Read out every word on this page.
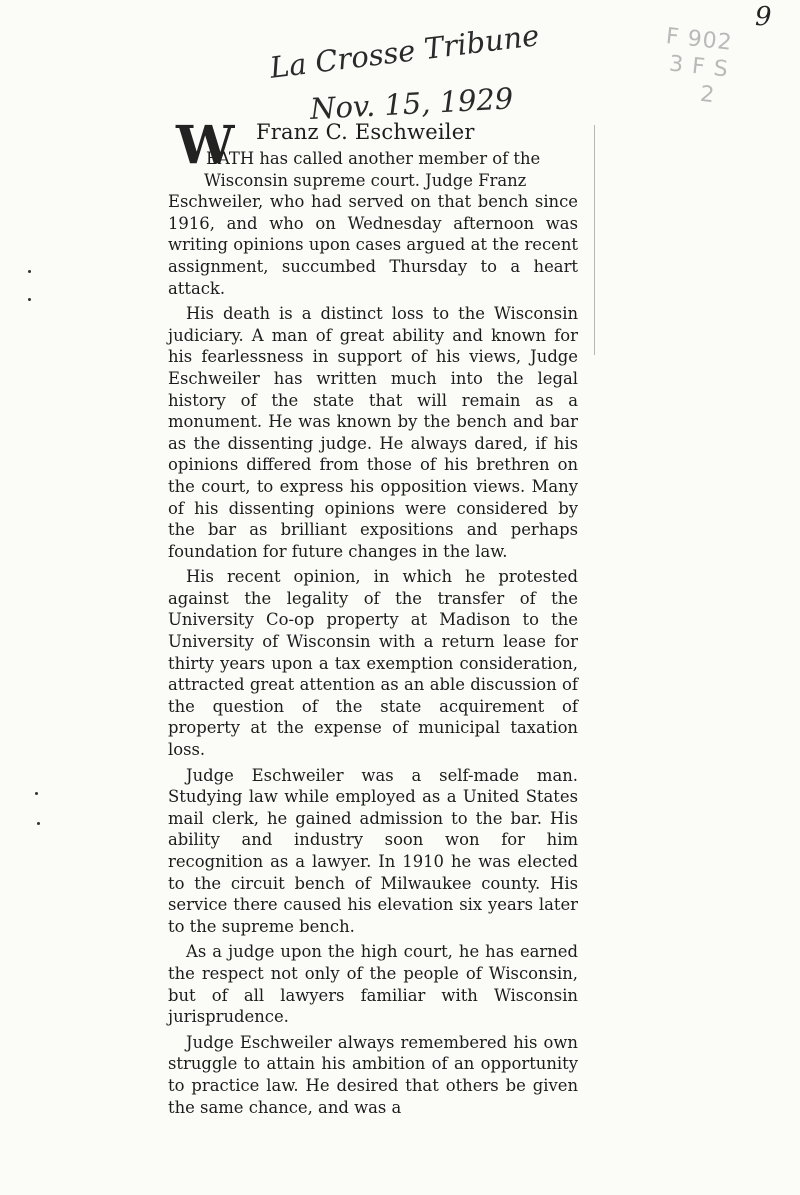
9
F 902
3 F S
2
La Crosse Tribune
Nov. 15, 1929
Franz C. Eschweiler
W
EATH has called another member of the
Wisconsin supreme court. Judge Franz

Eschweiler, who had served on that bench since 1916, and who on Wednesday afternoon was writing opinions upon cases argued at the recent assignment, succumbed Thursday to a heart attack.

His death is a distinct loss to the Wisconsin judiciary. A man of great ability and known for his fearlessness in support of his views, Judge Eschweiler has written much into the legal history of the state that will remain as a monument. He was known by the bench and bar as the dissenting judge. He always dared, if his opinions differed from those of his brethren on the court, to express his opposition views. Many of his dissenting opinions were considered by the bar as brilliant expositions and perhaps foundation for future changes in the law.

His recent opinion, in which he protested against the legality of the transfer of the University Co-op property at Madison to the University of Wisconsin with a return lease for thirty years upon a tax exemption consideration, attracted great attention as an able discussion of the question of the state acquirement of property at the expense of municipal taxation loss.

Judge Eschweiler was a self-made man. Studying law while employed as a United States mail clerk, he gained admission to the bar. His ability and industry soon won for him recognition as a lawyer. In 1910 he was elected to the circuit bench of Milwaukee county. His service there caused his elevation six years later to the supreme bench.

As a judge upon the high court, he has earned the respect not only of the people of Wisconsin, but of all lawyers familiar with Wisconsin jurisprudence.

Judge Eschweiler always remembered his own struggle to attain his ambition of an opportunity to practice law. He desired that others be given the same chance, and was a
